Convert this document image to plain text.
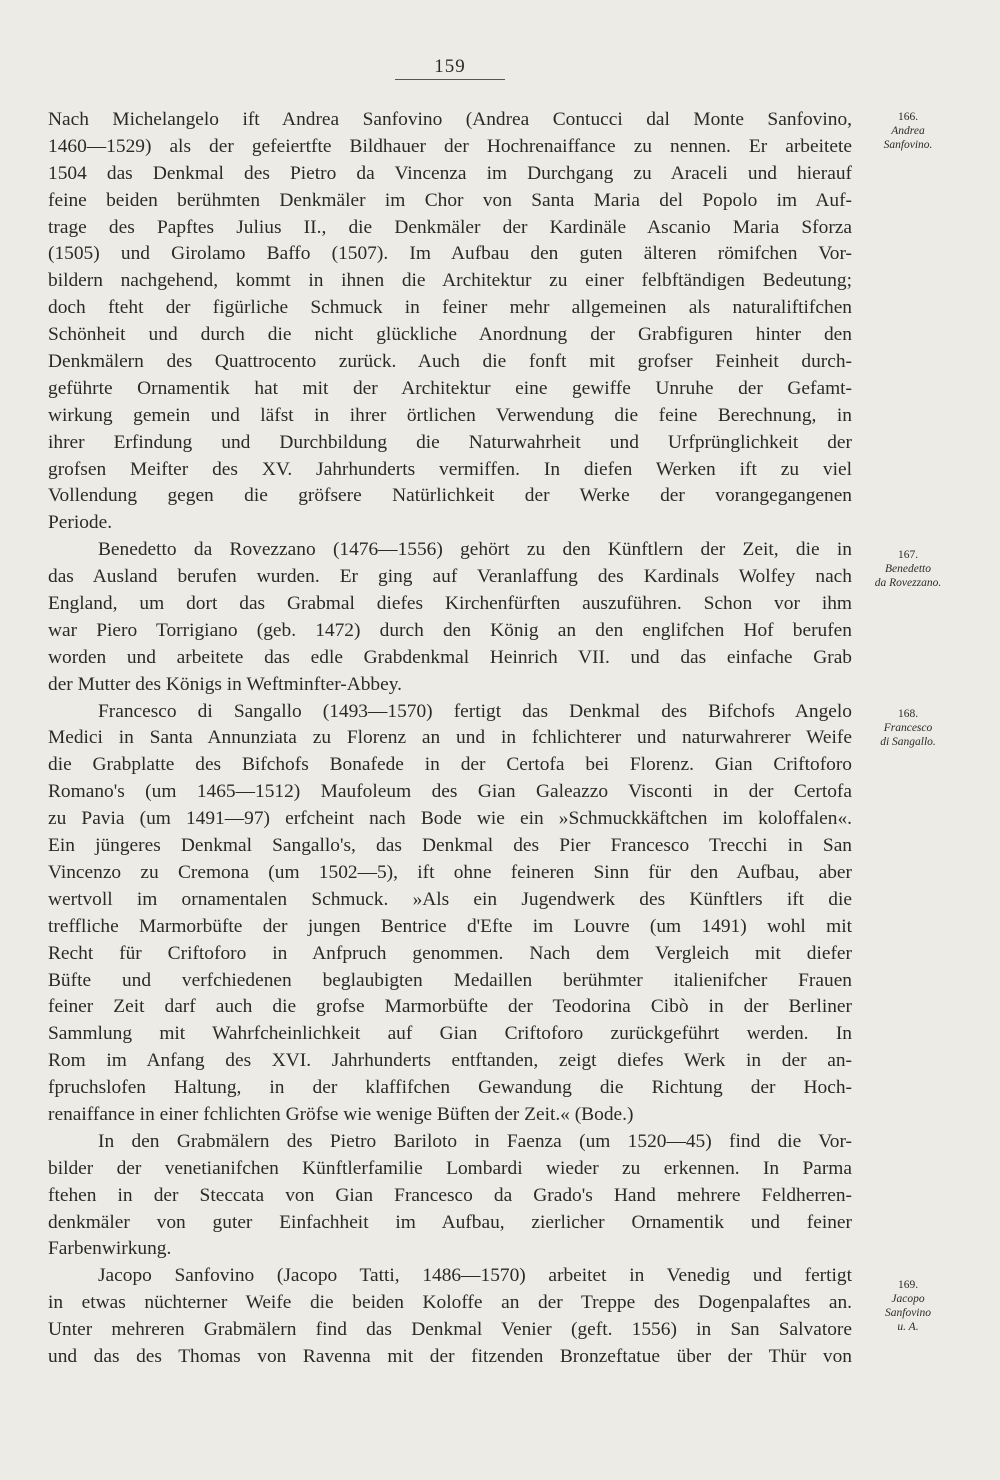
159
Nach Michelangelo ift Andrea Sanfovino (Andrea Contucci dal Monte Sanfovino,
1460—1529) als der gefeiertfte Bildhauer der Hochrenaiffance zu nennen. Er arbeitete
1504 das Denkmal des Pietro da Vincenza im Durchgang zu Araceli und hierauf
feine beiden berühmten Denkmäler im Chor von Santa Maria del Popolo im Auf-
trage des Papftes Julius II., die Denkmäler der Kardinäle Ascanio Maria Sforza
(1505) und Girolamo Baffo (1507). Im Aufbau den guten älteren römifchen Vor-
bildern nachgehend, kommt in ihnen die Architektur zu einer felbftändigen Bedeutung;
doch fteht der figürliche Schmuck in feiner mehr allgemeinen als naturaliftifchen
Schönheit und durch die nicht glückliche Anordnung der Grabfiguren hinter den
Denkmälern des Quattrocento zurück. Auch die fonft mit grofser Feinheit durch-
geführte Ornamentik hat mit der Architektur eine gewiffe Unruhe der Gefamt-
wirkung gemein und läfst in ihrer örtlichen Verwendung die feine Berechnung, in
ihrer Erfindung und Durchbildung die Naturwahrheit und Urfprünglichkeit der
grofsen Meifter des XV. Jahrhunderts vermiffen. In diefen Werken ift zu viel
Vollendung gegen die gröfsere Natürlichkeit der Werke der vorangegangenen
Periode.
Benedetto da Rovezzano (1476—1556) gehört zu den Künftlern der Zeit, die in
das Ausland berufen wurden. Er ging auf Veranlaffung des Kardinals Wolfey nach
England, um dort das Grabmal diefes Kirchenfürften auszuführen. Schon vor ihm
war Piero Torrigiano (geb. 1472) durch den König an den englifchen Hof berufen
worden und arbeitete das edle Grabdenkmal Heinrich VII. und das einfache Grab
der Mutter des Königs in Weftminfter-Abbey.
Francesco di Sangallo (1493—1570) fertigt das Denkmal des Bifchofs Angelo
Medici in Santa Annunziata zu Florenz an und in fchlichterer und naturwahrerer Weife
die Grabplatte des Bifchofs Bonafede in der Certofa bei Florenz. Gian Criftoforo
Romano's (um 1465—1512) Maufoleum des Gian Galeazzo Visconti in der Certofa
zu Pavia (um 1491—97) erfcheint nach Bode wie ein »Schmuckkäftchen im koloffalen«.
Ein jüngeres Denkmal Sangallo's, das Denkmal des Pier Francesco Trecchi in San
Vincenzo zu Cremona (um 1502—5), ift ohne feineren Sinn für den Aufbau, aber
wertvoll im ornamentalen Schmuck. »Als ein Jugendwerk des Künftlers ift die
treffliche Marmorbüfte der jungen Bentrice d'Efte im Louvre (um 1491) wohl mit
Recht für Criftoforo in Anfpruch genommen. Nach dem Vergleich mit diefer
Büfte und verfchiedenen beglaubigten Medaillen berühmter italienifcher Frauen
feiner Zeit darf auch die grofse Marmorbüfte der Teodorina Cibò in der Berliner
Sammlung mit Wahrfcheinlichkeit auf Gian Criftoforo zurückgeführt werden. In
Rom im Anfang des XVI. Jahrhunderts entftanden, zeigt diefes Werk in der an-
fpruchslofen Haltung, in der klaffifchen Gewandung die Richtung der Hoch-
renaiffance in einer fchlichten Gröfse wie wenige Büften der Zeit.« (Bode.)
In den Grabmälern des Pietro Bariloto in Faenza (um 1520—45) find die Vor-
bilder der venetianifchen Künftlerfamilie Lombardi wieder zu erkennen. In Parma
ftehen in der Steccata von Gian Francesco da Grado's Hand mehrere Feldherren-
denkmäler von guter Einfachheit im Aufbau, zierlicher Ornamentik und feiner
Farbenwirkung.
Jacopo Sanfovino (Jacopo Tatti, 1486—1570) arbeitet in Venedig und fertigt
in etwas nüchterner Weife die beiden Koloffe an der Treppe des Dogenpalaftes an.
Unter mehreren Grabmälern find das Denkmal Venier (geft. 1556) in San Salvatore
und das des Thomas von Ravenna mit der fitzenden Bronzeftatue über der Thür von
166.
Andrea
Sanfovino.
167.
Benedetto
da Rovezzano.
168.
Francesco
di Sangallo.
169.
Jacopo
Sanfovino
u. A.
